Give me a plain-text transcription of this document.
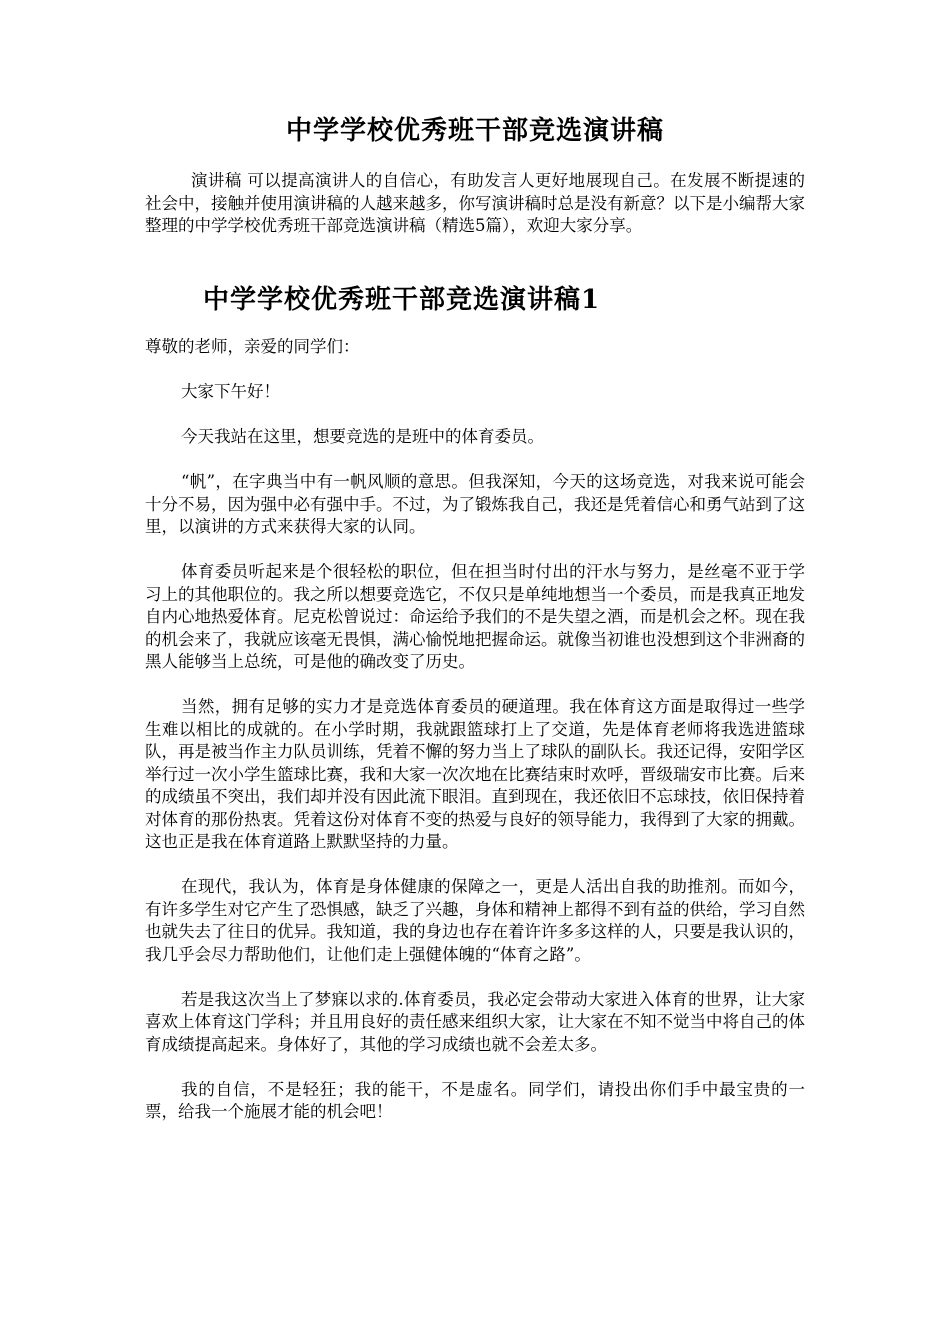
中学学校优秀班干部竞选演讲稿

演讲稿 可以提高演讲人的自信心，有助发言人更好地展现自己。在发展不断提速的社会中，接触并使用演讲稿的人越来越多，你写演讲稿时总是没有新意？以下是小编帮大家整理的中学学校优秀班干部竞选演讲稿（精选5篇），欢迎大家分享。

中学学校优秀班干部竞选演讲稿1

尊敬的老师，亲爱的同学们：

大家下午好！

今天我站在这里，想要竞选的是班中的体育委员。

“帆”，在字典当中有一帆风顺的意思。但我深知，今天的这场竞选，对我来说可能会十分不易，因为强中必有强中手。不过，为了锻炼我自己，我还是凭着信心和勇气站到了这里，以演讲的方式来获得大家的认同。

体育委员听起来是个很轻松的职位，但在担当时付出的汗水与努力，是丝毫不亚于学习上的其他职位的。我之所以想要竞选它，不仅只是单纯地想当一个委员，而是我真正地发自内心地热爱体育。尼克松曾说过：命运给予我们的不是失望之酒，而是机会之杯。现在我的机会来了，我就应该毫无畏惧，满心愉悦地把握命运。就像当初谁也没想到这个非洲裔的黑人能够当上总统，可是他的确改变了历史。

当然，拥有足够的实力才是竞选体育委员的硬道理。我在体育这方面是取得过一些学生难以相比的成就的。在小学时期，我就跟篮球打上了交道，先是体育老师将我选进篮球队，再是被当作主力队员训练，凭着不懈的努力当上了球队的副队长。我还记得，安阳学区举行过一次小学生篮球比赛，我和大家一次次地在比赛结束时欢呼，晋级瑞安市比赛。后来的成绩虽不突出，我们却并没有因此流下眼泪。直到现在，我还依旧不忘球技，依旧保持着对体育的那份热衷。凭着这份对体育不变的热爱与良好的领导能力，我得到了大家的拥戴。这也正是我在体育道路上默默坚持的力量。

在现代，我认为，体育是身体健康的保障之一，更是人活出自我的助推剂。而如今，有许多学生对它产生了恐惧感，缺乏了兴趣，身体和精神上都得不到有益的供给，学习自然也就失去了往日的优异。我知道，我的身边也存在着许许多多这样的人，只要是我认识的，我几乎会尽力帮助他们，让他们走上强健体魄的“体育之路”。

若是我这次当上了梦寐以求的.体育委员，我必定会带动大家进入体育的世界，让大家喜欢上体育这门学科；并且用良好的责任感来组织大家，让大家在不知不觉当中将自己的体育成绩提高起来。身体好了，其他的学习成绩也就不会差太多。

我的自信，不是轻狂；我的能干，不是虚名。同学们，请投出你们手中最宝贵的一票，给我一个施展才能的机会吧！
